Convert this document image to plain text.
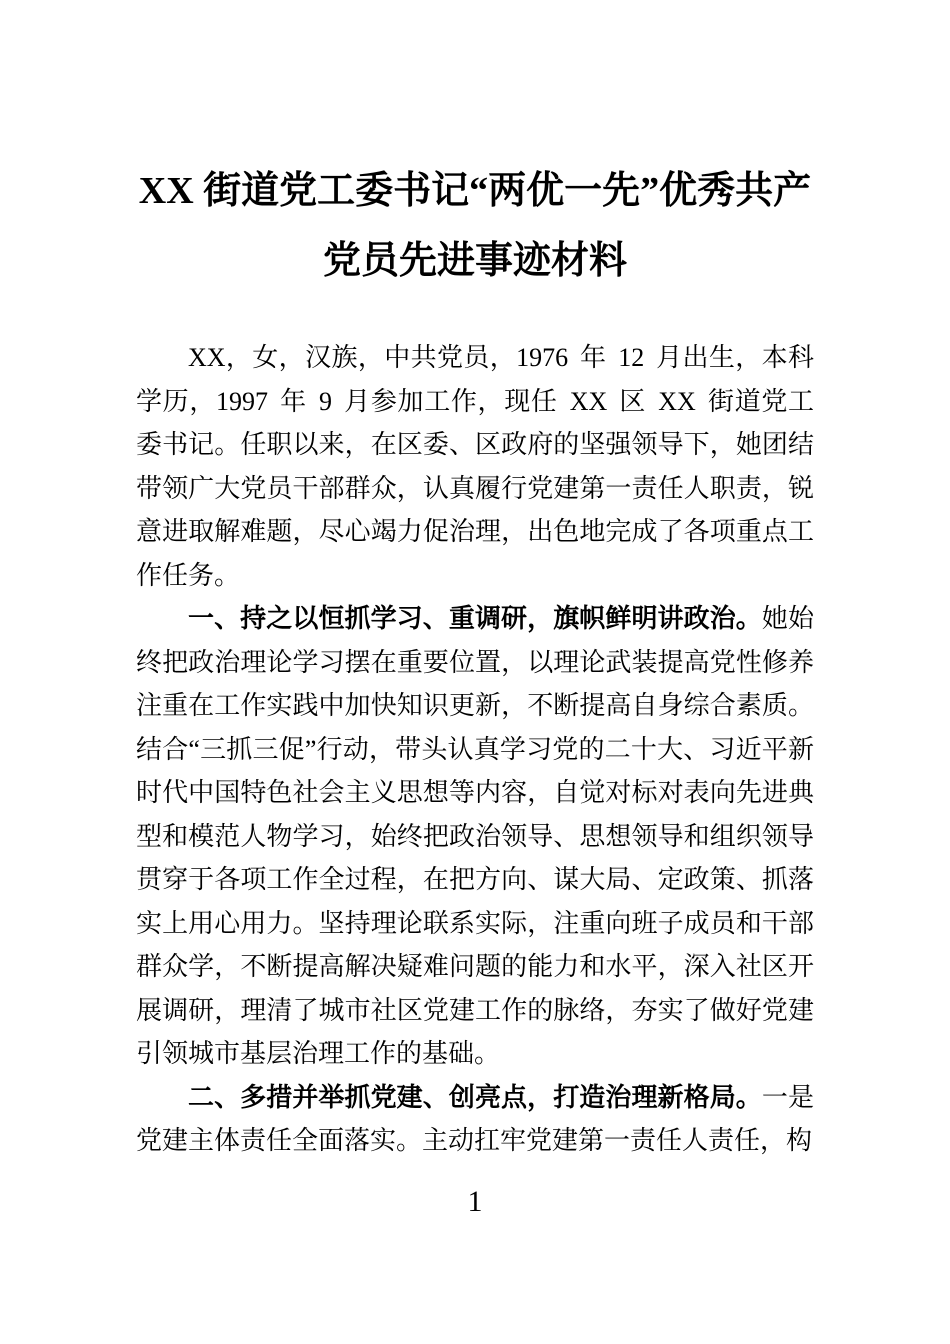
XX 街道党工委书记“两优一先”优秀共产
党员先进事迹材料

XX，女，汉族，中共党员，1976 年 12 月出生，本科学历，1997 年 9 月参加工作，现任 XX 区 XX 街道党工委书记。任职以来，在区委、区政府的坚强领导下，她团结带领广大党员干部群众，认真履行党建第一责任人职责，锐意进取解难题，尽心竭力促治理，出色地完成了各项重点工作任务。

一、持之以恒抓学习、重调研，旗帜鲜明讲政治。她始终把政治理论学习摆在重要位置，以理论武装提高党性修养注重在工作实践中加快知识更新，不断提高自身综合素质。结合“三抓三促”行动，带头认真学习党的二十大、习近平新时代中国特色社会主义思想等内容，自觉对标对表向先进典型和模范人物学习，始终把政治领导、思想领导和组织领导贯穿于各项工作全过程，在把方向、谋大局、定政策、抓落实上用心用力。坚持理论联系实际，注重向班子成员和干部群众学，不断提高解决疑难问题的能力和水平，深入社区开展调研，理清了城市社区党建工作的脉络，夯实了做好党建引领城市基层治理工作的基础。

二、多措并举抓党建、创亮点，打造治理新格局。一是党建主体责任全面落实。主动扛牢党建第一责任人责任，构

1
